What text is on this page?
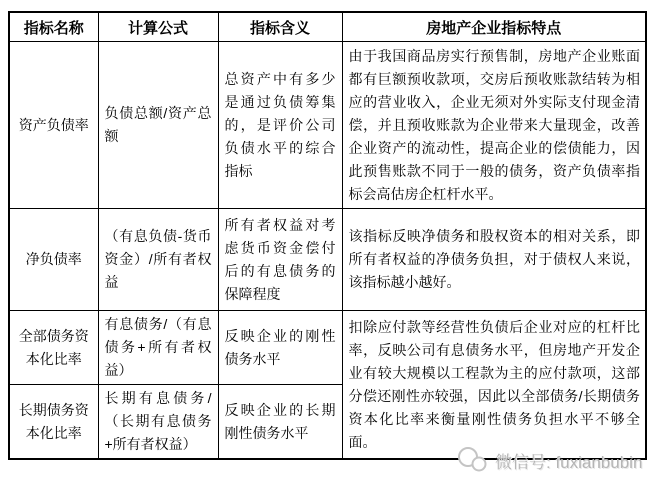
指标名称	计算公式	指标含义	房地产企业指标特点
资产负债率	负债总额/资产总额	总资产中有多少是通过负债筹集的，是评价公司负债水平的综合指标	由于我国商品房实行预售制，房地产企业账面都有巨额预收款项，交房后预收账款结转为相应的营业收入，企业无须对外实际支付现金清偿，并且预收账款为企业带来大量现金，改善企业资产的流动性，提高企业的偿债能力，因此预售账款不同于一般的债务，资产负债率指标会高估房企杠杆水平。
净负债率	（有息负债-货币资金）/所有者权益	所有者权益对考虑货币资金偿付后的有息债务的保障程度	该指标反映净债务和股权资本的相对关系，即所有者权益的净债务负担，对于债权人来说，该指标越小越好。
全部债务资本化比率	有息债务/（有息债务+所有者权益）	反映企业的刚性债务水平	扣除应付款等经营性负债后企业对应的杠杆比率，反映公司有息债务水平，但房地产开发企业有较大规模以工程款为主的应付款项，这部分偿还刚性亦较强，因此以全部债务/长期债务资本化比率来衡量刚性债务负担水平不够全面。
长期债务资本化比率	长期有息债务/（长期有息债务+所有者权益）	反映企业的长期刚性债务水平	
微信号: fuxianbubin
